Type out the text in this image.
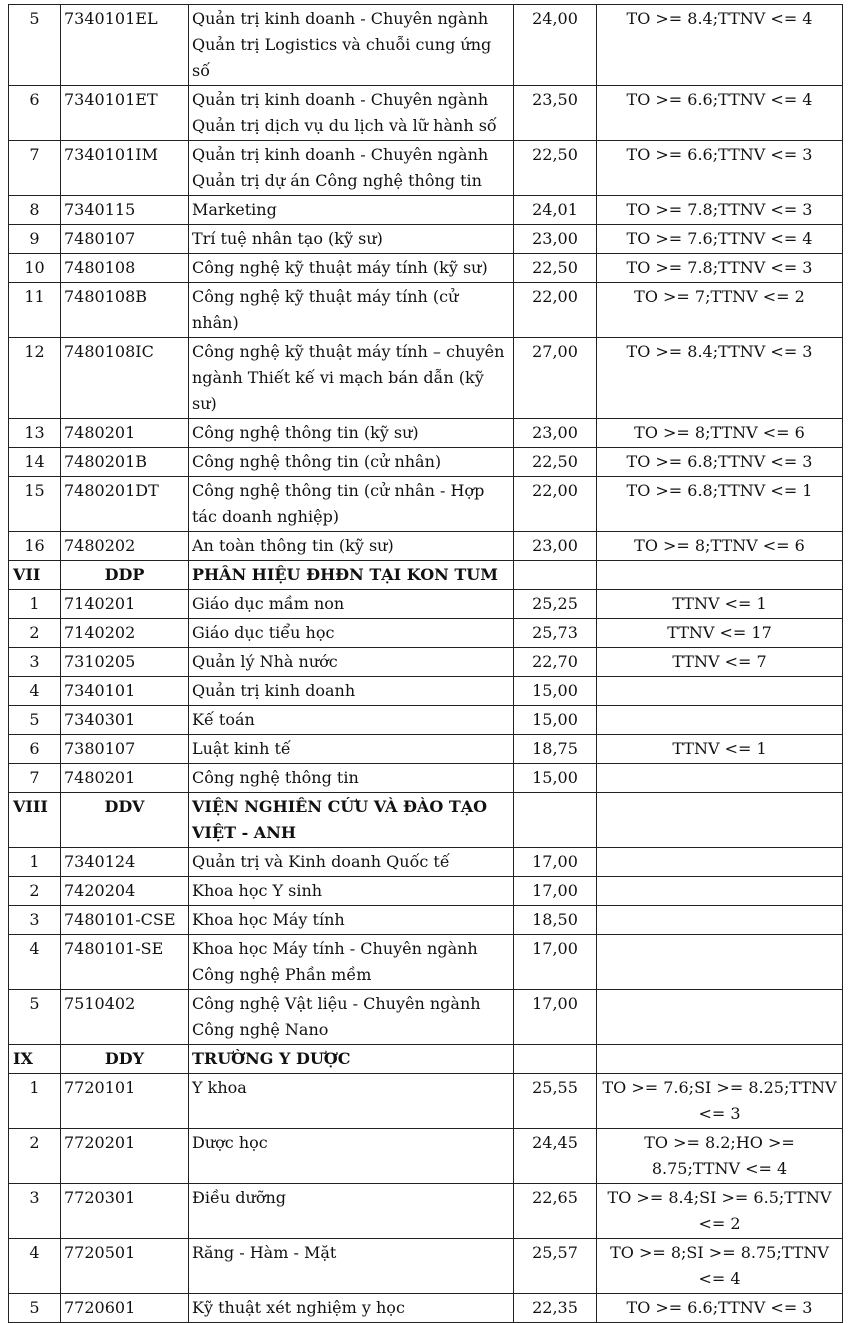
5	7340101EL	Quản trị kinh doanh - Chuyên ngành Quản trị Logistics và chuỗi cung ứng số	24,00	TO >= 8.4;TTNV <= 4
6	7340101ET	Quản trị kinh doanh - Chuyên ngành Quản trị dịch vụ du lịch và lữ hành số	23,50	TO >= 6.6;TTNV <= 4
7	7340101IM	Quản trị kinh doanh - Chuyên ngành Quản trị dự án Công nghệ thông tin	22,50	TO >= 6.6;TTNV <= 3
8	7340115	Marketing	24,01	TO >= 7.8;TTNV <= 3
9	7480107	Trí tuệ nhân tạo (kỹ sư)	23,00	TO >= 7.6;TTNV <= 4
10	7480108	Công nghệ kỹ thuật máy tính (kỹ sư)	22,50	TO >= 7.8;TTNV <= 3
11	7480108B	Công nghệ kỹ thuật máy tính (cử nhân)	22,00	TO >= 7;TTNV <= 2
12	7480108IC	Công nghệ kỹ thuật máy tính – chuyên ngành Thiết kế vi mạch bán dẫn (kỹ sư)	27,00	TO >= 8.4;TTNV <= 3
13	7480201	Công nghệ thông tin (kỹ sư)	23,00	TO >= 8;TTNV <= 6
14	7480201B	Công nghệ thông tin (cử nhân)	22,50	TO >= 6.8;TTNV <= 3
15	7480201DT	Công nghệ thông tin (cử nhân - Hợp tác doanh nghiệp)	22,00	TO >= 6.8;TTNV <= 1
16	7480202	An toàn thông tin (kỹ sư)	23,00	TO >= 8;TTNV <= 6
VII	DDP	PHÂN HIỆU ĐHĐN TẠI KON TUM		
1	7140201	Giáo dục mầm non	25,25	TTNV <= 1
2	7140202	Giáo dục tiểu học	25,73	TTNV <= 17
3	7310205	Quản lý Nhà nước	22,70	TTNV <= 7
4	7340101	Quản trị kinh doanh	15,00	
5	7340301	Kế toán	15,00	
6	7380107	Luật kinh tế	18,75	TTNV <= 1
7	7480201	Công nghệ thông tin	15,00	
VIII	DDV	VIỆN NGHIÊN CỨU VÀ ĐÀO TẠO VIỆT - ANH		
1	7340124	Quản trị và Kinh doanh Quốc tế	17,00	
2	7420204	Khoa học Y sinh	17,00	
3	7480101-CSE	Khoa học Máy tính	18,50	
4	7480101-SE	Khoa học Máy tính - Chuyên ngành Công nghệ Phần mềm	17,00	
5	7510402	Công nghệ Vật liệu - Chuyên ngành Công nghệ Nano	17,00	
IX	DDY	TRƯỜNG Y DƯỢC		
1	7720101	Y khoa	25,55	TO >= 7.6;SI >= 8.25;TTNV <= 3
2	7720201	Dược học	24,45	TO >= 8.2;HO >= 8.75;TTNV <= 4
3	7720301	Điều dưỡng	22,65	TO >= 8.4;SI >= 6.5;TTNV <= 2
4	7720501	Răng - Hàm - Mặt	25,57	TO >= 8;SI >= 8.75;TTNV <= 4
5	7720601	Kỹ thuật xét nghiệm y học	22,35	TO >= 6.6;TTNV <= 3
